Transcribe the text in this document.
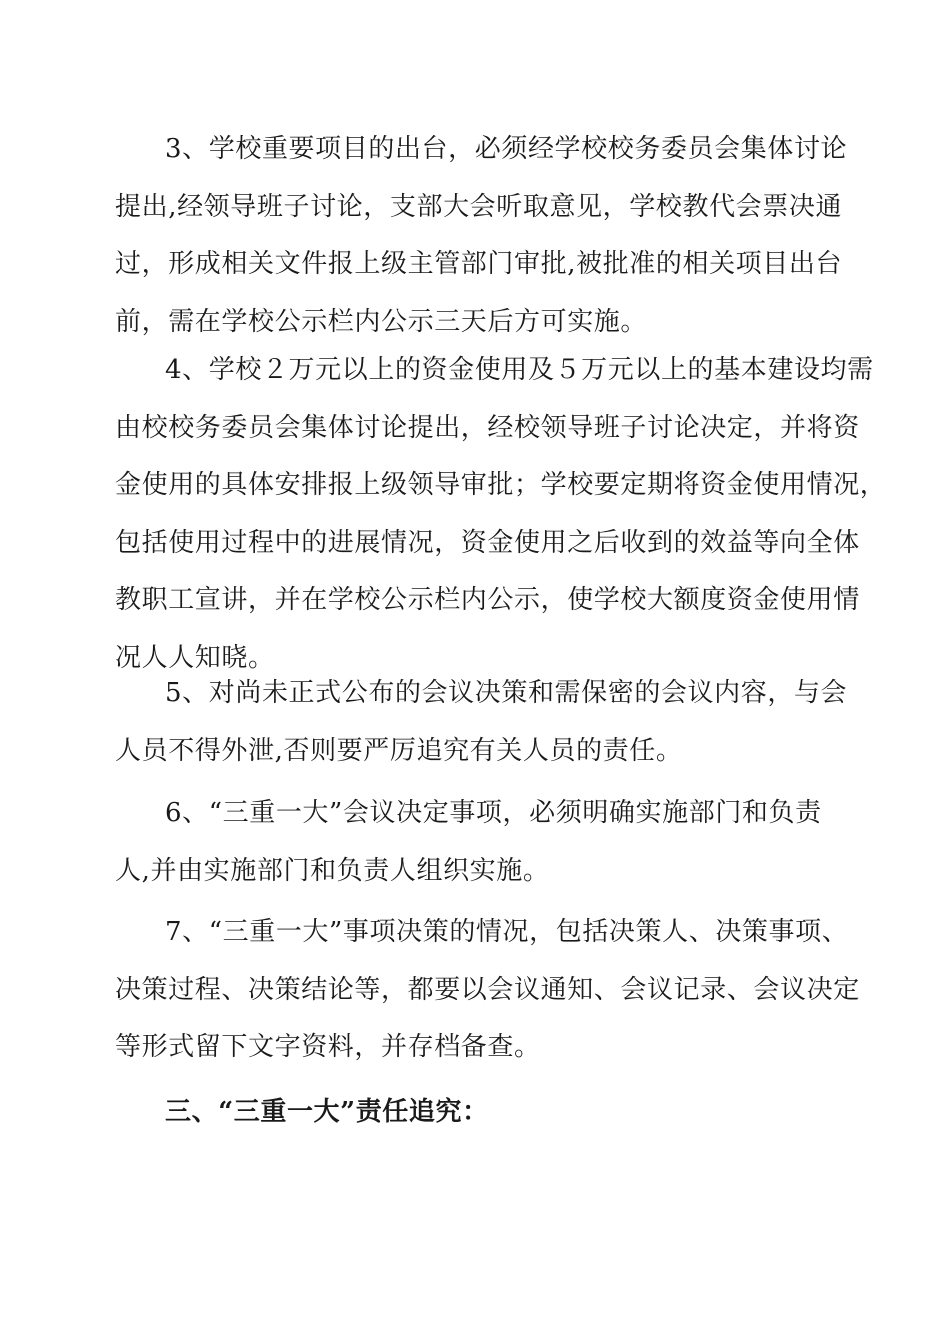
3、学校重要项目的出台，必须经学校校务委员会集体讨论
提出,经领导班子讨论，支部大会听取意见，学校教代会票决通
过，形成相关文件报上级主管部门审批,被批准的相关项目出台
前，需在学校公示栏内公示三天后方可实施。
4、学校２万元以上的资金使用及５万元以上的基本建设均需
由校校务委员会集体讨论提出，经校领导班子讨论决定，并将资
金使用的具体安排报上级领导审批；学校要定期将资金使用情况，
包括使用过程中的进展情况，资金使用之后收到的效益等向全体
教职工宣讲，并在学校公示栏内公示，使学校大额度资金使用情
况人人知晓。
5、对尚未正式公布的会议决策和需保密的会议内容，与会
人员不得外泄,否则要严厉追究有关人员的责任。
6、“三重一大”会议决定事项，必须明确实施部门和负责
人,并由实施部门和负责人组织实施。
7、“三重一大”事项决策的情况，包括决策人、决策事项、
决策过程、决策结论等，都要以会议通知、会议记录、会议决定
等形式留下文字资料，并存档备查。
三、“三重一大”责任追究：
